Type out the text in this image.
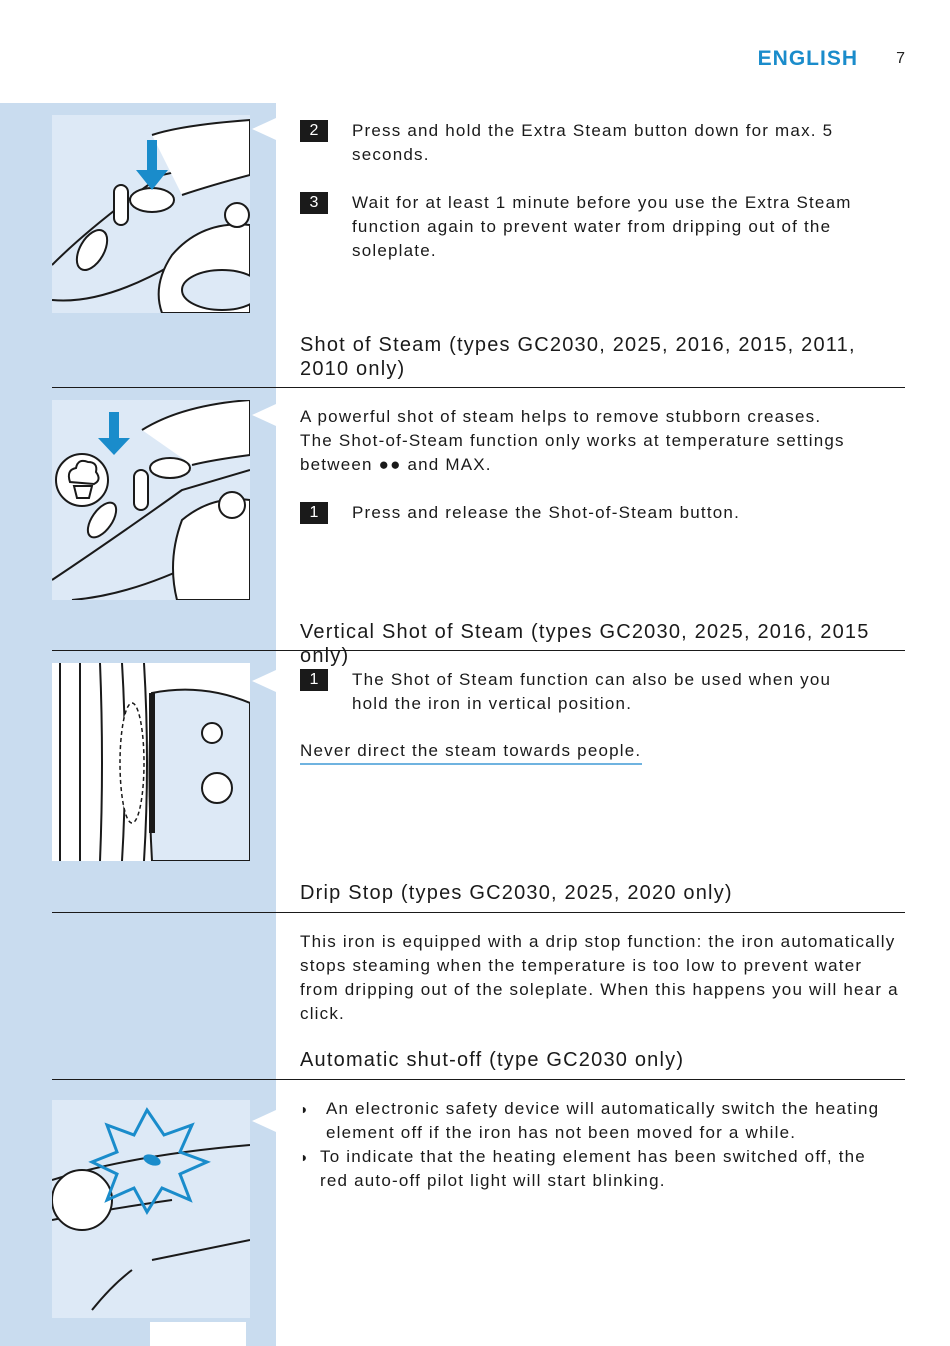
ENGLISH 7
2	Press and hold the Extra Steam button down for max. 5 seconds.
3	Wait for at least 1 minute before you use the Extra Steam function again to prevent water from dripping out of the soleplate.
Shot of Steam (types GC2030, 2025, 2016, 2015, 2011, 2010 only)
A powerful shot of steam helps to remove stubborn creases.
The Shot-of-Steam function only works at temperature settings
between ●● and MAX.
1	Press and release the Shot-of-Steam button.
Vertical Shot of Steam (types GC2030, 2025, 2016, 2015 only)
1	The Shot of Steam function can also be used when you hold the iron in vertical position.
Never direct the steam towards people.
Drip Stop (types GC2030, 2025, 2020 only)
This iron is equipped with a drip stop function: the iron automatically stops steaming when the temperature is too low to prevent water from dripping out of the soleplate. When this happens you will hear a click.
Automatic shut-off (type GC2030 only)
◗ An electronic safety device will automatically switch the heating element off if the iron has not been moved for a while.
◗ To indicate that the heating element has been switched off, the red auto-off pilot light will start blinking.
